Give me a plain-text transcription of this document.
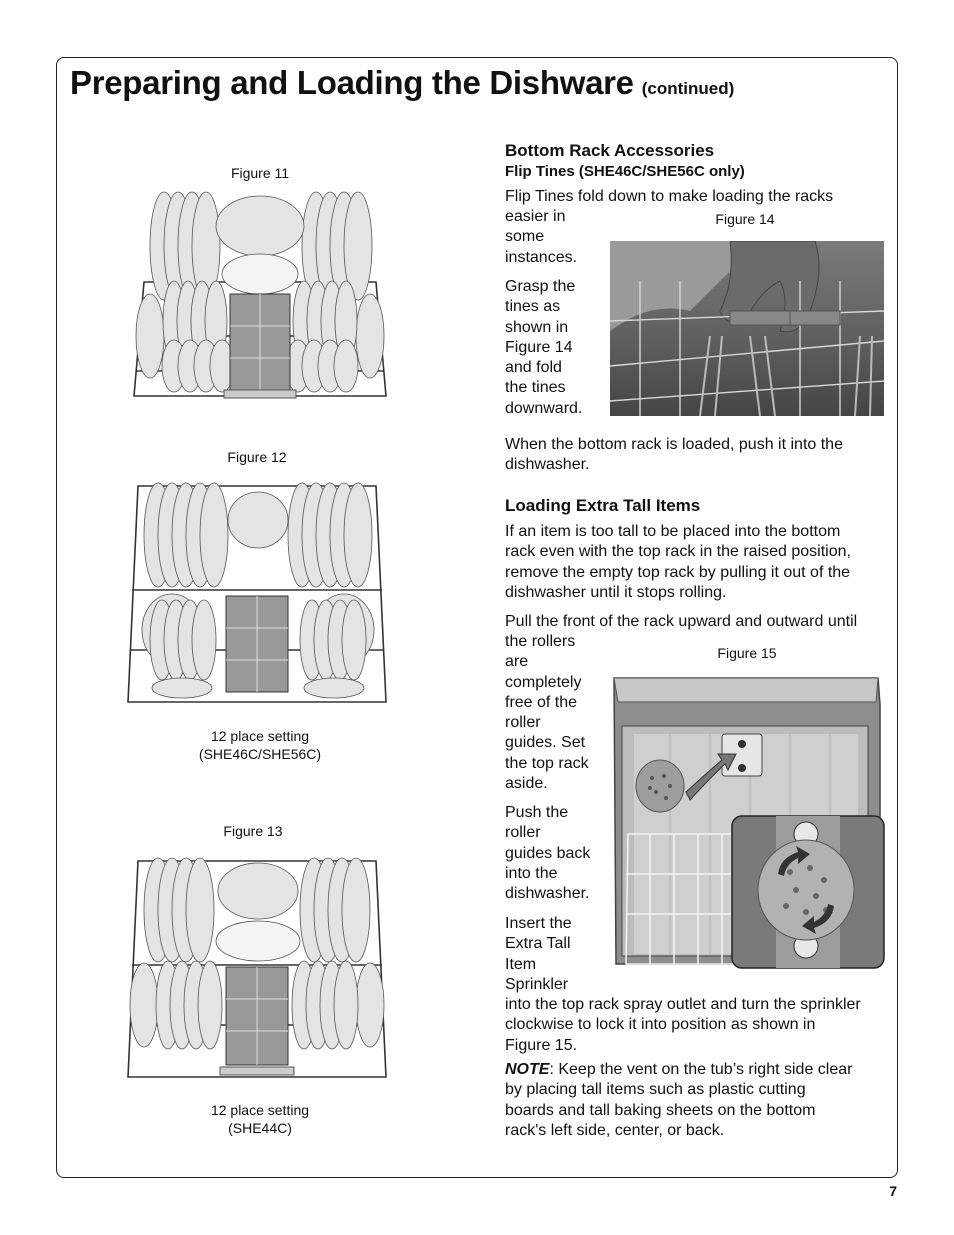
Preparing and Loading the Dishware (continued)
Figure 11
Figure 12
12 place setting
(SHE46C/SHE56C)
Figure 13
12 place setting
(SHE44C)
Bottom Rack Accessories
Flip Tines (SHE46C/SHE56C only)
Flip Tines fold down to make loading the racks
easier in
some
instances.
Grasp the
tines as
shown in
Figure 14
and fold
the tines
downward.
Figure 14
When the bottom rack is loaded, push it into the
dishwasher.
Loading Extra Tall Items
If an item is too tall to be placed into the bottom
rack even with the top rack in the raised position,
remove the empty top rack by pulling it out of the
dishwasher until it stops rolling.
Pull the front of the rack upward and outward until
the rollers
are
completely
free of the
roller
guides. Set
the top rack
aside.
Push the
roller
guides back
into the
dishwasher.
Insert the
Extra Tall
Item
Sprinkler
into the top rack spray outlet and turn the sprinkler
clockwise to lock it into position as shown in
Figure 15.
NOTE: Keep the vent on the tub’s right side clear
by placing tall items such as plastic cutting
boards and tall baking sheets on the bottom
rack's left side, center, or back.
Figure 15
7
